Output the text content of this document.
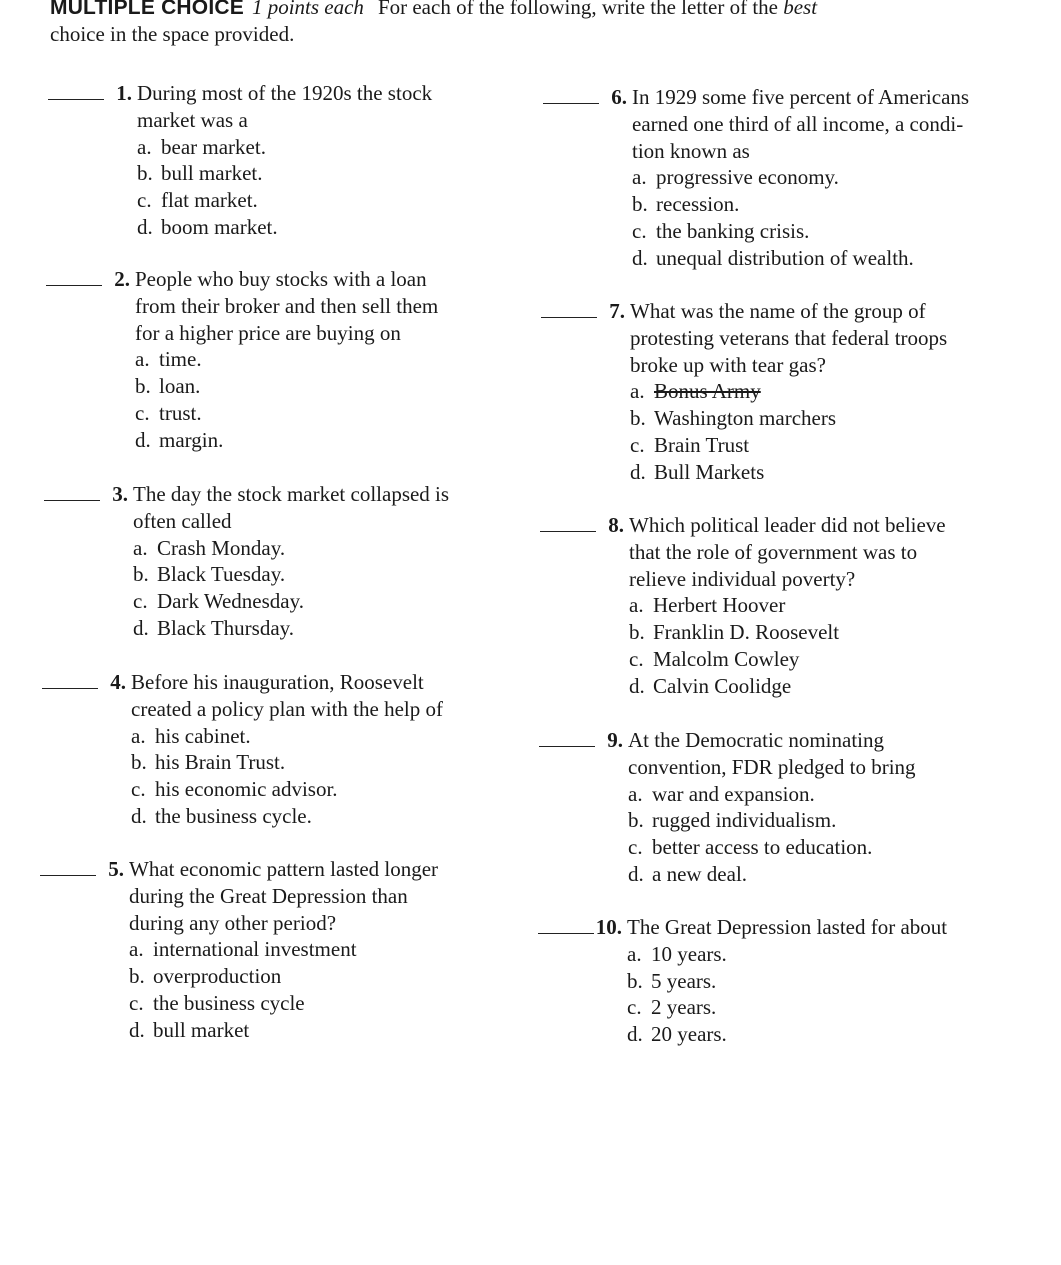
MULTIPLE CHOICE 1 points each For each of the following, write the letter of the best
choice in the space provided.
1. During most of the 1920s the stock
market was a
a. bear market.
b. bull market.
c. flat market.
d. boom market.
2. People who buy stocks with a loan
from their broker and then sell them
for a higher price are buying on
a. time.
b. loan.
c. trust.
d. margin.
3. The day the stock market collapsed is
often called
a. Crash Monday.
b. Black Tuesday.
c. Dark Wednesday.
d. Black Thursday.
4. Before his inauguration, Roosevelt
created a policy plan with the help of
a. his cabinet.
b. his Brain Trust.
c. his economic advisor.
d. the business cycle.
5. What economic pattern lasted longer
during the Great Depression than
during any other period?
a. international investment
b. overproduction
c. the business cycle
d. bull market
6. In 1929 some five percent of Americans
earned one third of all income, a condi-
tion known as
a. progressive economy.
b. recession.
c. the banking crisis.
d. unequal distribution of wealth.
7. What was the name of the group of
protesting veterans that federal troops
broke up with tear gas?
a. Bonus Army
b. Washington marchers
c. Brain Trust
d. Bull Markets
8. Which political leader did not believe
that the role of government was to
relieve individual poverty?
a. Herbert Hoover
b. Franklin D. Roosevelt
c. Malcolm Cowley
d. Calvin Coolidge
9. At the Democratic nominating
convention, FDR pledged to bring
a. war and expansion.
b. rugged individualism.
c. better access to education.
d. a new deal.
10. The Great Depression lasted for about
a. 10 years.
b. 5 years.
c. 2 years.
d. 20 years.
